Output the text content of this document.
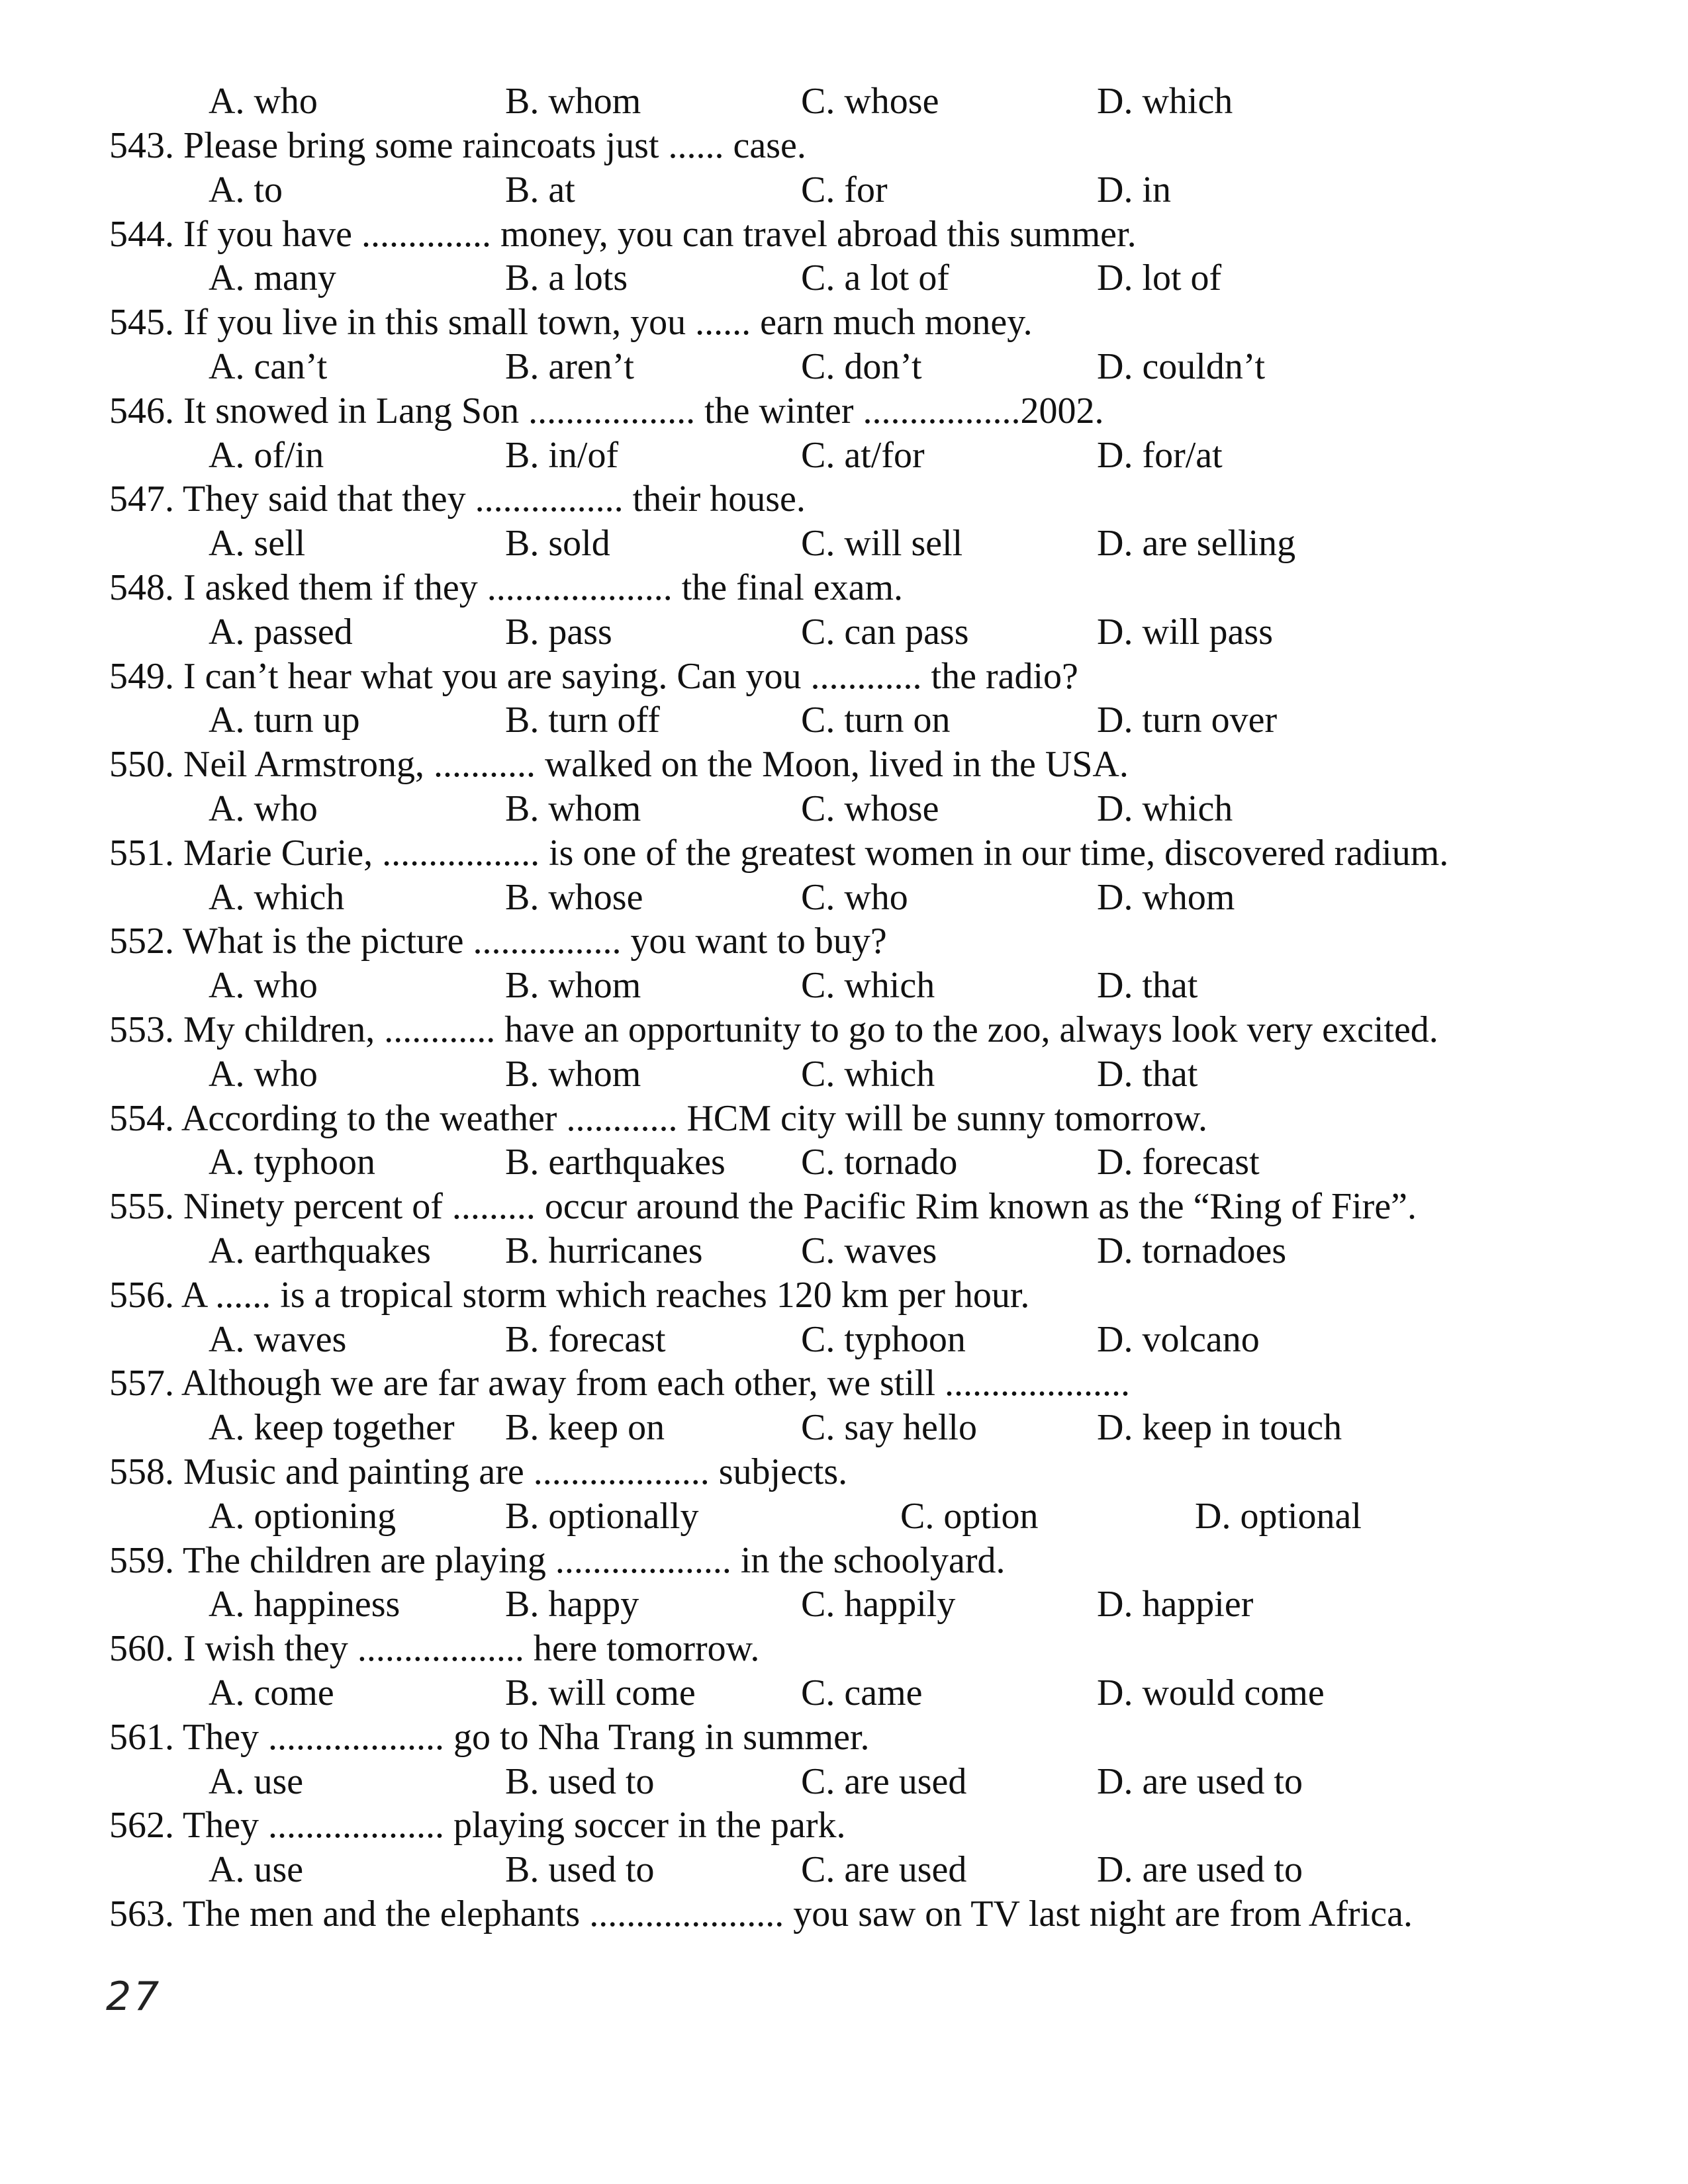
A. who	B. whom	C. whose	D. which
543. Please bring some raincoats just ...... case.
A. to	B. at	C. for	D. in
544. If you have .............. money, you can travel abroad this summer.
A. many	B. a lots	C. a lot of	D. lot of
545. If you live in this small town, you ...... earn much money.
A. can’t	B. aren’t	C. don’t	D. couldn’t
546. It snowed in Lang Son .................. the winter .................2002.
A. of/in	B. in/of	C. at/for	D. for/at
547. They said that they ................ their house.
A. sell	B. sold	C. will sell	D. are selling
548. I asked them if they .................... the final exam.
A. passed	B. pass	C. can pass	D. will pass
549. I can’t hear what you are saying. Can you ............ the radio?
A. turn up	B. turn off	C. turn on	D. turn over
550. Neil Armstrong, ........... walked on the Moon, lived in the USA.
A. who	B. whom	C. whose	D. which
551. Marie Curie, ................. is one of the greatest women in our time, discovered radium.
A. which	B. whose	C. who	D. whom
552. What is the picture ................ you want to buy?
A. who	B. whom	C. which	D. that
553. My children, ............ have an opportunity to go to the zoo, always look very excited.
A. who	B. whom	C. which	D. that
554. According to the weather ............ HCM city will be sunny tomorrow.
A. typhoon	B. earthquakes C. tornado	D. forecast
555. Ninety percent of ......... occur around the Pacific Rim known as the “Ring of Fire”.
A. earthquakes B. hurricanes	C. waves	D. tornadoes
556. A ...... is a tropical storm which reaches 120 km per hour.
A. waves	B. forecast	C. typhoon	D. volcano
557. Although we are far away from each other, we still ....................
A. keep together B. keep on	C. say hello	D. keep in touch
558. Music and painting are ................... subjects.
A. optioning	B. optionally	C. option	D. optional
559. The children are playing ................... in the schoolyard.
A. happiness	B. happy	C. happily	D. happier
560. I wish they .................. here tomorrow.
A. come	B. will come	C. came	D. would come
561. They ................... go to Nha Trang in summer.
A. use	B. used to	C. are used	D. are used to
562. They ................... playing soccer in the park.
A. use	B. used to	C. are used	D. are used to
563. The men and the elephants ..................... you saw on TV last night are from Africa.
27
